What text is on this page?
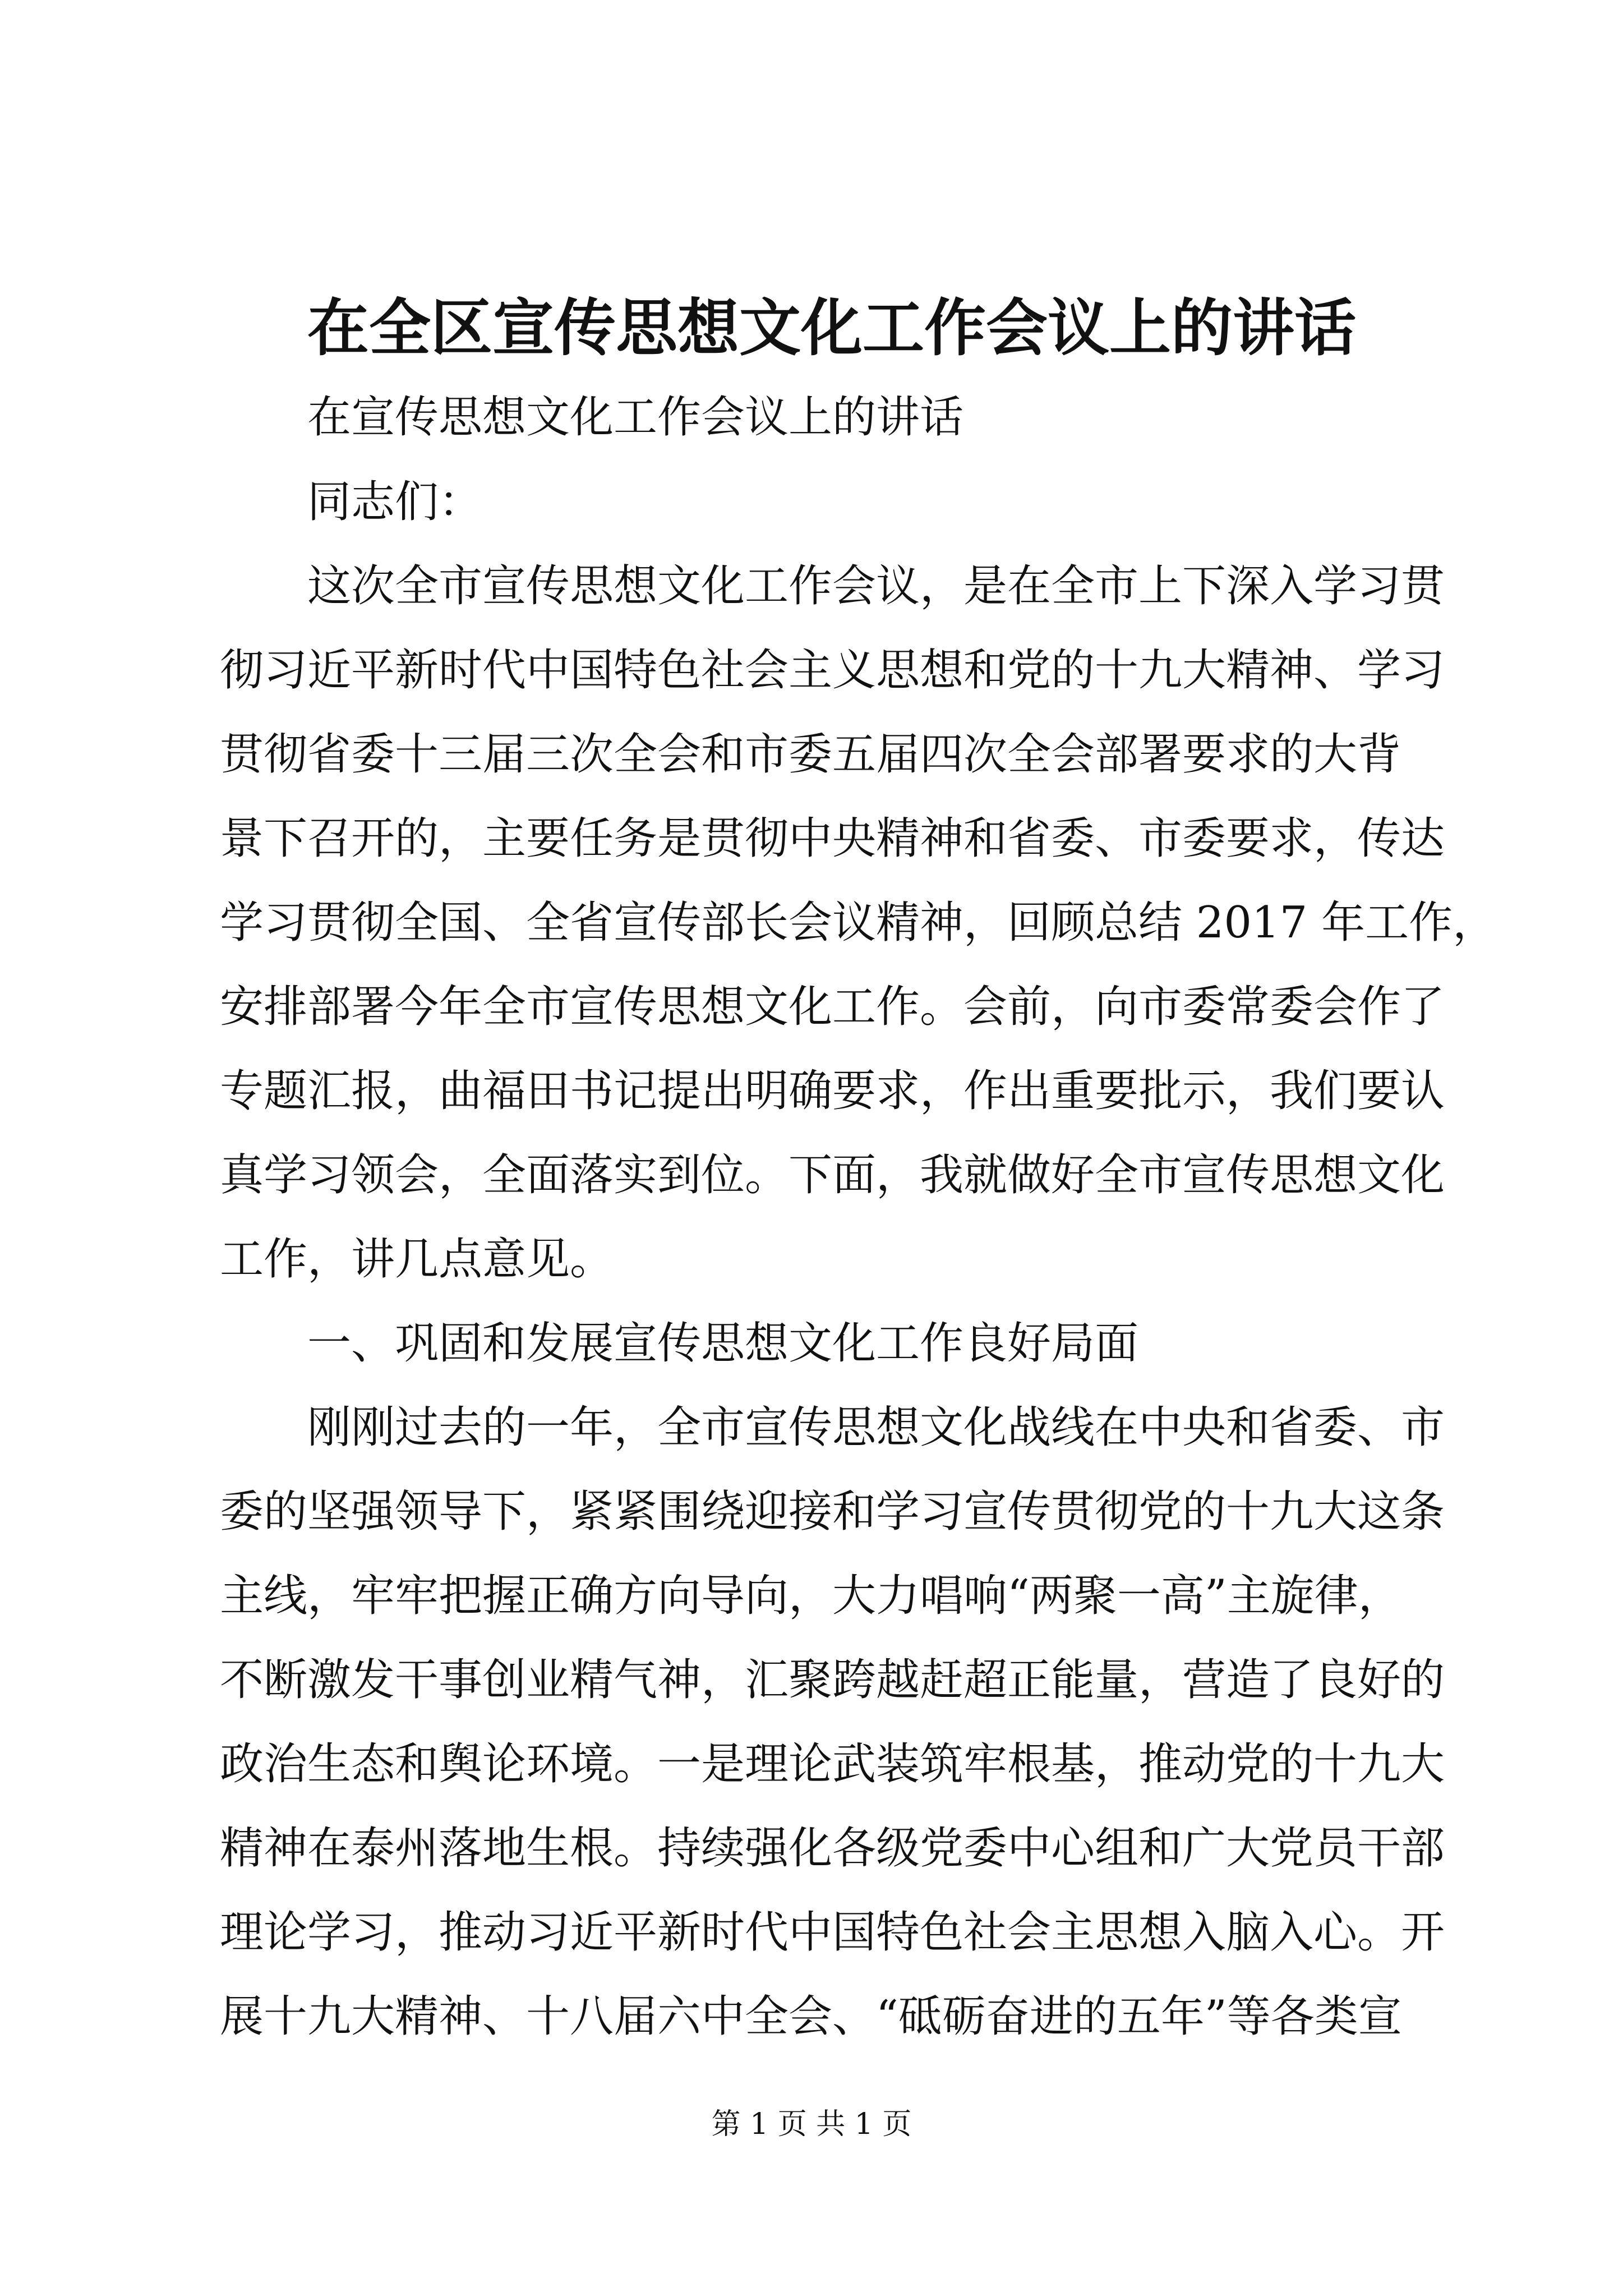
在全区宣传思想文化工作会议上的讲话
在宣传思想文化工作会议上的讲话
同志们：
这次全市宣传思想文化工作会议，是在全市上下深入学习贯
彻习近平新时代中国特色社会主义思想和党的十九大精神、学习
贯彻省委十三届三次全会和市委五届四次全会部署要求的大背
景下召开的，主要任务是贯彻中央精神和省委、市委要求，传达
学习贯彻全国、全省宣传部长会议精神，回顾总结 2017 年工作，
安排部署今年全市宣传思想文化工作。会前，向市委常委会作了
专题汇报，曲福田书记提出明确要求，作出重要批示，我们要认
真学习领会，全面落实到位。下面，我就做好全市宣传思想文化
工作，讲几点意见。
一、巩固和发展宣传思想文化工作良好局面
刚刚过去的一年，全市宣传思想文化战线在中央和省委、市
委的坚强领导下，紧紧围绕迎接和学习宣传贯彻党的十九大这条
主线，牢牢把握正确方向导向，大力唱响“两聚一高”主旋律，
不断激发干事创业精气神，汇聚跨越赶超正能量，营造了良好的
政治生态和舆论环境。一是理论武装筑牢根基，推动党的十九大
精神在泰州落地生根。持续强化各级党委中心组和广大党员干部
理论学习，推动习近平新时代中国特色社会主思想入脑入心。开
展十九大精神、十八届六中全会、“砥砺奋进的五年”等各类宣
第 1 页 共 1 页
